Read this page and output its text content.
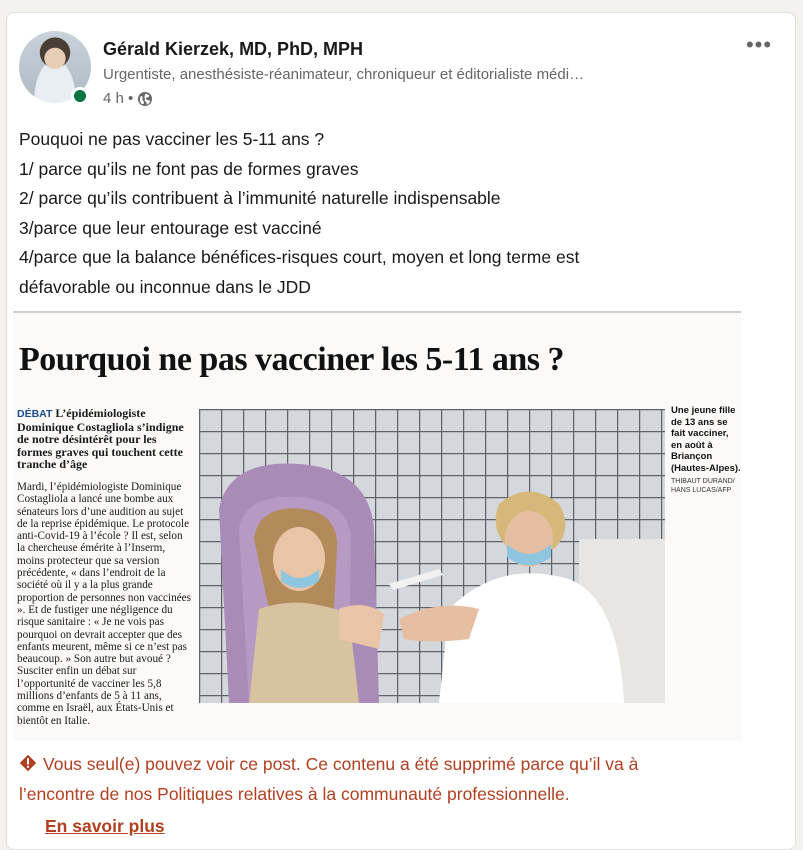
Gérald Kierzek, MD, PhD, MPH
Urgentiste, anesthésiste-réanimateur, chroniqueur et éditorialiste médi…
4 h •
•••
Pouquoi ne pas vacciner les 5-11 ans ?
1/ parce qu’ils ne font pas de formes graves
2/ parce qu’ils contribuent à l’immunité naturelle indispensable
3/parce que leur entourage est vacciné
4/parce que la balance bénéfices-risques court, moyen et long terme est
défavorable ou inconnue dans le JDD
Pourquoi ne pas vacciner les 5-11 ans ?
DÉBAT L’épidémiologiste Dominique Costagliola s’indigne de notre désintérêt pour les formes graves qui touchent cette tranche d’âge
Mardi, l’épidémiologiste Dominique Costagliola a lancé une bombe aux sénateurs lors d’une audition au sujet de la reprise épidémique. Le protocole anti-Covid-19 à l’école ? Il est, selon la chercheuse émérite à l’Inserm, moins protecteur que sa version précédente, « dans l’endroit de la société où il y a la plus grande proportion de personnes non vaccinées ». Et de fustiger une négligence du risque sanitaire : « Je ne vois pas pourquoi on devrait accepter que des enfants meurent, même si ce n’est pas beaucoup. » Son autre but avoué ? Susciter enfin un débat sur l’opportunité de vacciner les 5,8 millions d’enfants de 5 à 11 ans, comme en Israël, aux États-Unis et bientôt en Italie.
Une jeune fille de 13 ans se fait vacciner, en août à Briançon (Hautes-Alpes).
THIBAUT DURAND/ HANS LUCAS/AFP
Vous seul(e) pouvez voir ce post. Ce contenu a été supprimé parce qu’il va à
l’encontre de nos Politiques relatives à la communauté professionnelle.
En savoir plus
